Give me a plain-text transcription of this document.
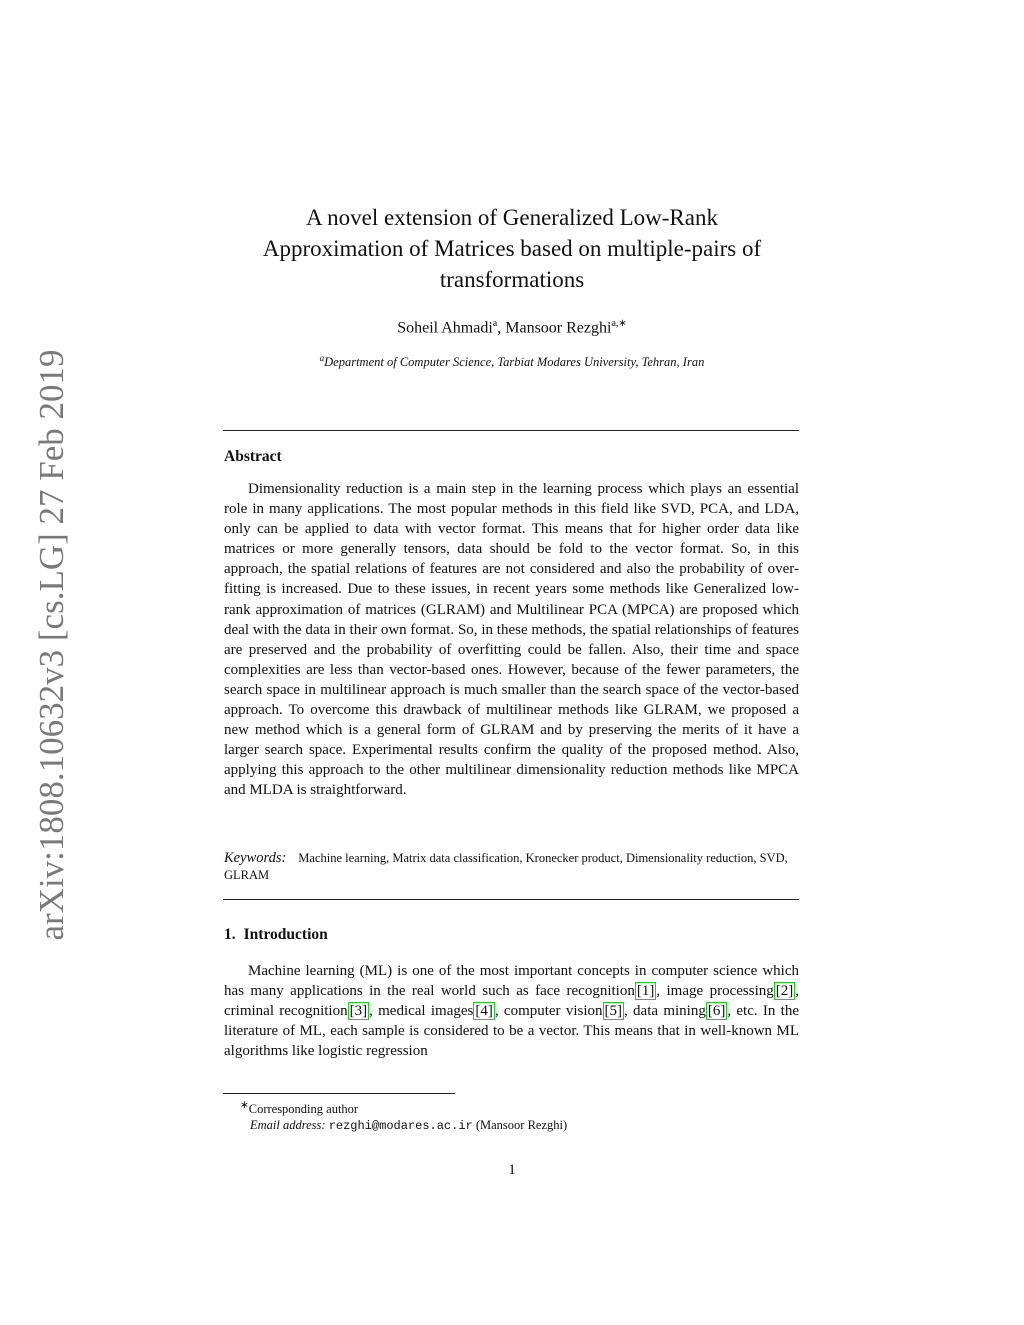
arXiv:1808.10632v3 [cs.LG] 27 Feb 2019
A novel extension of Generalized Low-Rank
Approximation of Matrices based on multiple-pairs of
transformations
Soheil Ahmadi$^a$, Mansoor Rezghi$^{a,∗}$
$^a$Department of Computer Science, Tarbiat Modares University, Tehran, Iran
Abstract

Dimensionality reduction is a main step in the learning process which plays an essential role in many applications. The most popular methods in this field like SVD, PCA, and LDA, only can be applied to data with vector format. This means that for higher order data like matrices or more generally tensors, data should be fold to the vector format. So, in this approach, the spatial relations of features are not considered and also the probability of over-fitting is increased. Due to these issues, in recent years some methods like Generalized low-rank approximation of matrices (GLRAM) and Multilinear PCA (MPCA) are proposed which deal with the data in their own format. So, in these methods, the spatial relationships of features are preserved and the probability of overfitting could be fallen. Also, their time and space complexities are less than vector-based ones. However, because of the fewer parameters, the search space in multilinear approach is much smaller than the search space of the vector-based approach. To overcome this drawback of multilinear methods like GLRAM, we proposed a new method which is a general form of GLRAM and by preserving the merits of it have a larger search space. Experimental results confirm the quality of the proposed method. Also, applying this approach to the other multilinear dimensionality reduction methods like MPCA and MLDA is straightforward.

Keywords: Machine learning, Matrix data classification, Kronecker product, Dimensionality reduction, SVD, GLRAM
1. Introduction

Machine learning (ML) is one of the most important concepts in computer science which has many applications in the real world such as face recognition [1] , image processing [2] , criminal recognition [3] , medical images [4] , computer vision [5] , data mining [6] , etc. In the literature of ML, each sample is considered to be a vector. This means that in well-known ML algorithms like logistic regression

∗Corresponding author
Email address: rezghi@modares.ac.ir (Mansoor Rezghi)
1
